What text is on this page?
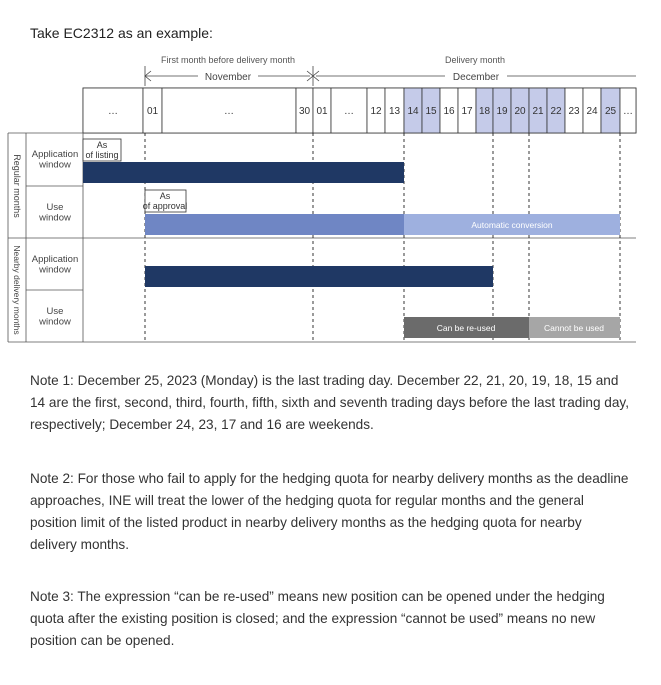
Take EC2312 as an example:
First month before delivery month	Delivery month
November	December
…	01	…	30 01 … 12 13 14 15 16 17 18 19 20 21 22 23 24 25 …
Regular months
Nearby delivery months
Application window
Use window
Application window
Use window
As of listing
As of approval
Automatic conversion
Can be re-used	Cannot be used
Note 1: December 25, 2023 (Monday) is the last trading day. December 22, 21, 20, 19, 18, 15 and 14 are the first, second, third, fourth, fifth, sixth and seventh trading days before the last trading day, respectively; December 24, 23, 17 and 16 are weekends.
Note 2: For those who fail to apply for the hedging quota for nearby delivery months as the deadline approaches, INE will treat the lower of the hedging quota for regular months and the general position limit of the listed product in nearby delivery months as the hedging quota for nearby delivery months.
Note 3: The expression “can be re-used” means new position can be opened under the hedging quota after the existing position is closed; and the expression “cannot be used” means no new position can be opened.
